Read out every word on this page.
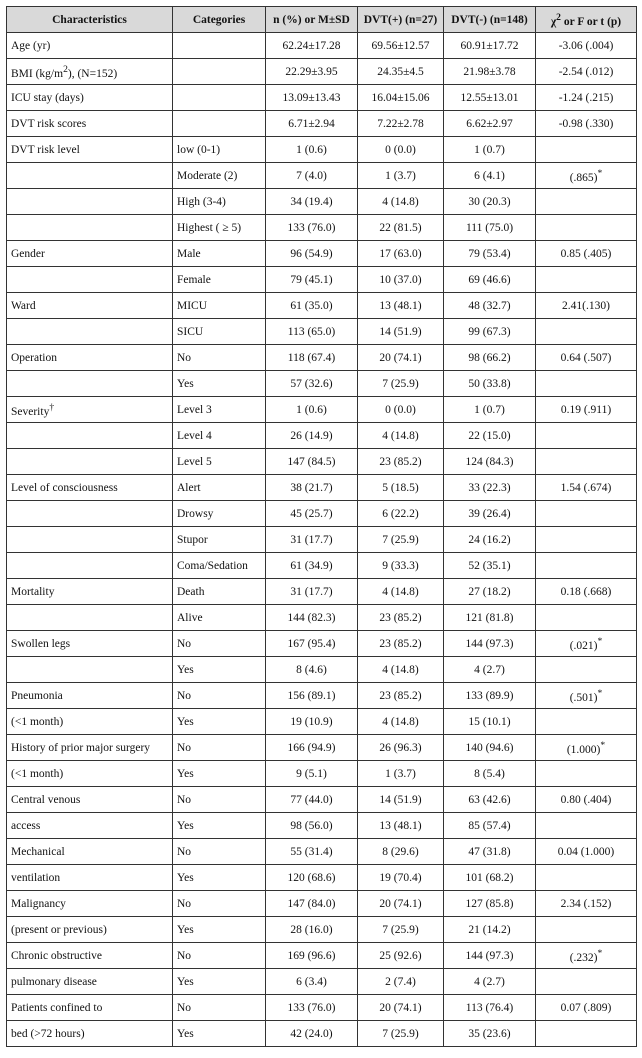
Characteristics	Categories	n (%) or M±SD	DVT(+) (n=27)	DVT(-) (n=148)	$\chi^2$ or F or t (p)
Age (yr)		62.24±17.28	69.56±12.57	60.91±17.72	-3.06 (.004)
BMI $(kg/m^2)$, (N=152)		22.29±3.95	24.35±4.5	21.98±3.78	-2.54 (.012)
ICU stay (days)		13.09±13.43	16.04±15.06	12.55±13.01	-1.24 (.215)
DVT risk scores		6.71±2.94	7.22±2.78	6.62±2.97	-0.98 (.330)
DVT risk level	low (0-1)	1 (0.6)	0 (0.0)	1 (0.7)	
	Moderate (2)	7 (4.0)	1 (3.7)	6 (4.1)	(.865)*
	High (3-4)	34 (19.4)	4 (14.8)	30 (20.3)	
	Highest ( ≥ 5)	133 (76.0)	22 (81.5)	111 (75.0)	
Gender	Male	96 (54.9)	17 (63.0)	79 (53.4)	0.85 (.405)
	Female	79 (45.1)	10 (37.0)	69 (46.6)	
Ward	MICU	61 (35.0)	13 (48.1)	48 (32.7)	2.41(.130)
	SICU	113 (65.0)	14 (51.9)	99 (67.3)	
Operation	No	118 (67.4)	20 (74.1)	98 (66.2)	0.64 (.507)
	Yes	57 (32.6)	7 (25.9)	50 (33.8)	
Severity†	Level 3	1 (0.6)	0 (0.0)	1 (0.7)	0.19 (.911)
	Level 4	26 (14.9)	4 (14.8)	22 (15.0)	
	Level 5	147 (84.5)	23 (85.2)	124 (84.3)	
Level of consciousness	Alert	38 (21.7)	5 (18.5)	33 (22.3)	1.54 (.674)
	Drowsy	45 (25.7)	6 (22.2)	39 (26.4)	
	Stupor	31 (17.7)	7 (25.9)	24 (16.2)	
	Coma/Sedation	61 (34.9)	9 (33.3)	52 (35.1)	
Mortality	Death	31 (17.7)	4 (14.8)	27 (18.2)	0.18 (.668)
	Alive	144 (82.3)	23 (85.2)	121 (81.8)	
Swollen legs	No	167 (95.4)	23 (85.2)	144 (97.3)	(.021)*
	Yes	8 (4.6)	4 (14.8)	4 (2.7)	
Pneumonia	No	156 (89.1)	23 (85.2)	133 (89.9)	(.501)*
(<1 month)	Yes	19 (10.9)	4 (14.8)	15 (10.1)	
History of prior major surgery	No	166 (94.9)	26 (96.3)	140 (94.6)	(1.000)*
(<1 month)	Yes	9 (5.1)	1 (3.7)	8 (5.4)	
Central venous	No	77 (44.0)	14 (51.9)	63 (42.6)	0.80 (.404)
access	Yes	98 (56.0)	13 (48.1)	85 (57.4)	
Mechanical	No	55 (31.4)	8 (29.6)	47 (31.8)	0.04 (1.000)
ventilation	Yes	120 (68.6)	19 (70.4)	101 (68.2)	
Malignancy	No	147 (84.0)	20 (74.1)	127 (85.8)	2.34 (.152)
(present or previous)	Yes	28 (16.0)	7 (25.9)	21 (14.2)	
Chronic obstructive	No	169 (96.6)	25 (92.6)	144 (97.3)	(.232)*
pulmonary disease	Yes	6 (3.4)	2 (7.4)	4 (2.7)	
Patients confined to	No	133 (76.0)	20 (74.1)	113 (76.4)	0.07 (.809)
bed (>72 hours)	Yes	42 (24.0)	7 (25.9)	35 (23.6)	
